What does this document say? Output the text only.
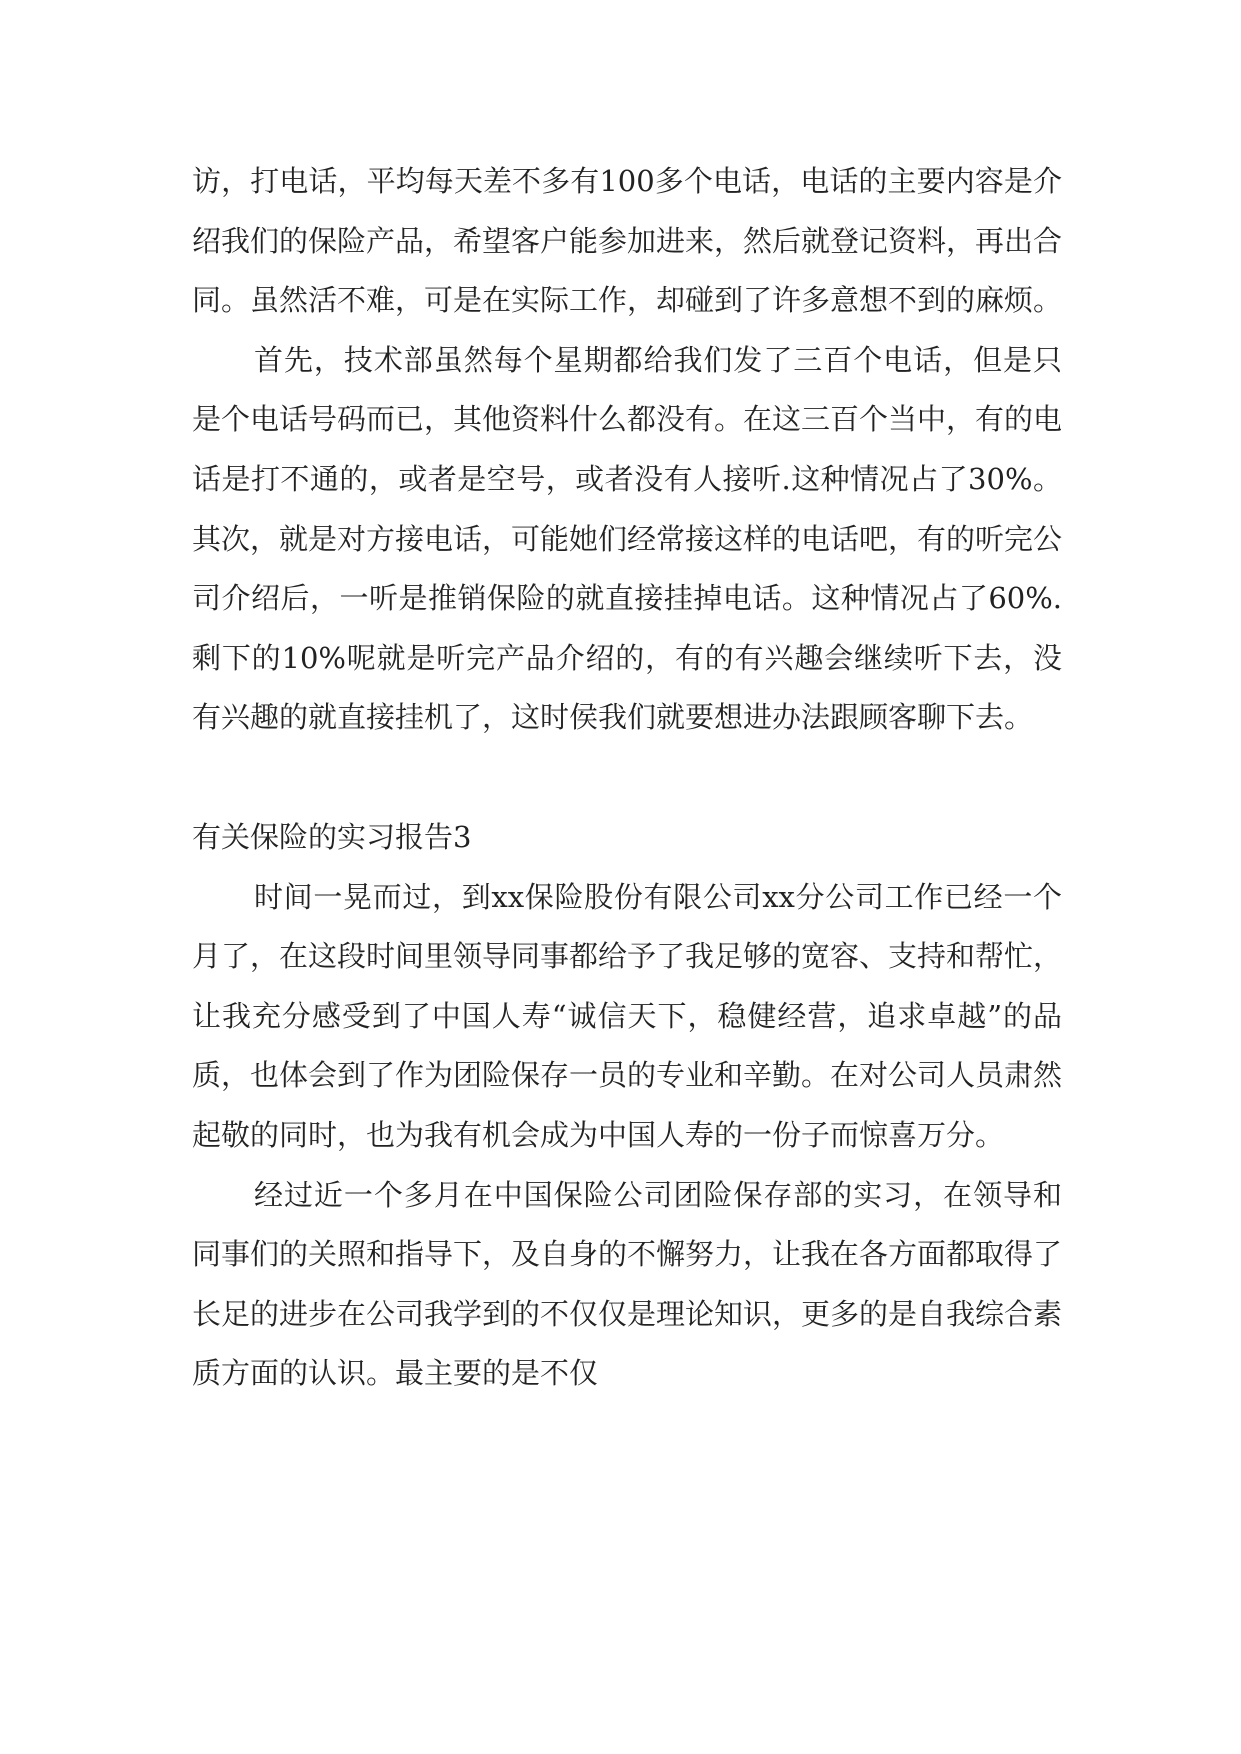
访，打电话，平均每天差不多有100多个电话，电话的主要内容是介绍我们的保险产品，希望客户能参加进来，然后就登记资料，再出合同。虽然活不难，可是在实际工作，却碰到了许多意想不到的麻烦。

首先，技术部虽然每个星期都给我们发了三百个电话，但是只是个电话号码而已，其他资料什么都没有。在这三百个当中，有的电话是打不通的，或者是空号，或者没有人接听.这种情况占了30%。其次，就是对方接电话，可能她们经常接这样的电话吧，有的听完公司介绍后，一听是推销保险的就直接挂掉电话。这种情况占了60%.剩下的10%呢就是听完产品介绍的，有的有兴趣会继续听下去，没有兴趣的就直接挂机了，这时侯我们就要想进办法跟顾客聊下去。

有关保险的实习报告3

时间一晃而过，到xx保险股份有限公司xx分公司工作已经一个月了，在这段时间里领导同事都给予了我足够的宽容、支持和帮忙，让我充分感受到了中国人寿“诚信天下，稳健经营，追求卓越”的品质，也体会到了作为团险保存一员的专业和辛勤。在对公司人员肃然起敬的同时，也为我有机会成为中国人寿的一份子而惊喜万分。

经过近一个多月在中国保险公司团险保存部的实习，在领导和同事们的关照和指导下，及自身的不懈努力，让我在各方面都取得了长足的进步在公司我学到的不仅仅是理论知识，更多的是自我综合素质方面的认识。最主要的是不仅
